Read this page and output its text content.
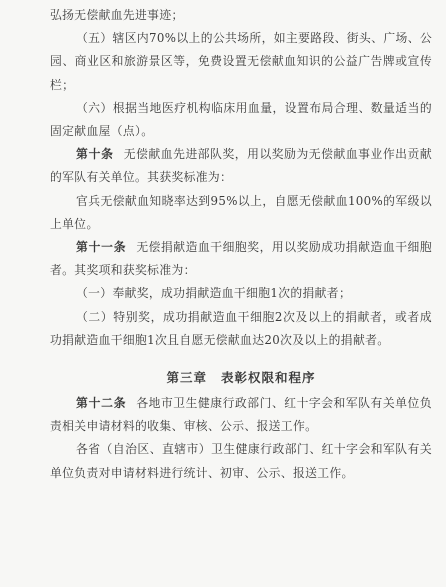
弘扬无偿献血先进事迹；

（五）辖区内70%以上的公共场所，如主要路段、街头、广场、公园、商业区和旅游景区等，免费设置无偿献血知识的公益广告牌或宣传栏；

（六）根据当地医疗机构临床用血量，设置布局合理、数量适当的固定献血屋（点）。

第十条 无偿献血先进部队奖，用以奖励为无偿献血事业作出贡献的军队有关单位。其获奖标准为：

官兵无偿献血知晓率达到95%以上，自愿无偿献血100%的军级以上单位。

第十一条 无偿捐献造血干细胞奖，用以奖励成功捐献造血干细胞者。其奖项和获奖标准为：

（一）奉献奖，成功捐献造血干细胞1次的捐献者；

（二）特别奖，成功捐献造血干细胞2次及以上的捐献者，或者成功捐献造血干细胞1次且自愿无偿献血达20次及以上的捐献者。

第三章 表彰权限和程序

第十二条 各地市卫生健康行政部门、红十字会和军队有关单位负责相关申请材料的收集、审核、公示、报送工作。

各省（自治区、直辖市）卫生健康行政部门、红十字会和军队有关单位负责对申请材料进行统计、初审、公示、报送工作。
